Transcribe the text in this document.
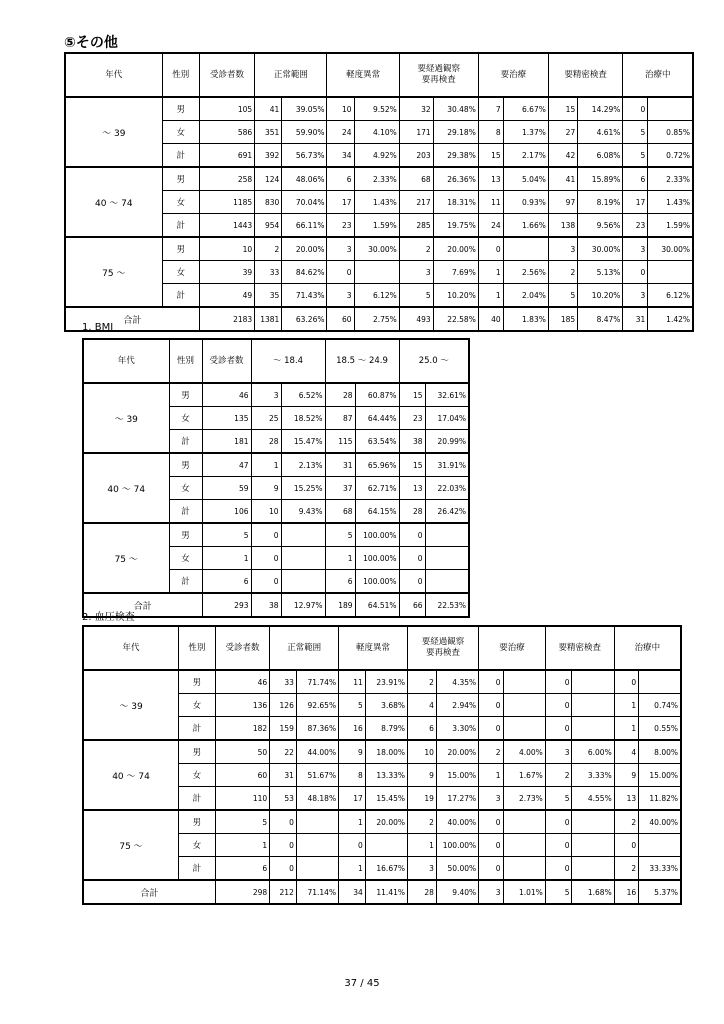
⑤その他
年代	性別	受診者数	正常範囲		軽度異常		要経過観察
要再検査		要治療		要精密検査		治療中	
～ 39	男	105	41	39.05%	10	9.52%	32	30.48%	7	6.67%	15	14.29%	0	
	女	586	351	59.90%	24	4.10%	171	29.18%	8	1.37%	27	4.61%	5	0.85%
	計	691	392	56.73%	34	4.92%	203	29.38%	15	2.17%	42	6.08%	5	0.72%
40 ～ 74	男	258	124	48.06%	6	2.33%	68	26.36%	13	5.04%	41	15.89%	6	2.33%
	女	1185	830	70.04%	17	1.43%	217	18.31%	11	0.93%	97	8.19%	17	1.43%
	計	1443	954	66.11%	23	1.59%	285	19.75%	24	1.66%	138	9.56%	23	1.59%
75 ～	男	10	2	20.00%	3	30.00%	2	20.00%	0		3	30.00%	3	30.00%
	女	39	33	84.62%	0		3	7.69%	1	2.56%	2	5.13%	0	
	計	49	35	71.43%	3	6.12%	5	10.20%	1	2.04%	5	10.20%	3	6.12%
合計		2183	1381	63.26%	60	2.75%	493	22.58%	40	1.83%	185	8.47%	31	1.42%
1. BMI
年代	性別	受診者数	～ 18.4		18.5 ～ 24.9		25.0 ～	
～ 39	男	46	3	6.52%	28	60.87%	15	32.61%
	女	135	25	18.52%	87	64.44%	23	17.04%
	計	181	28	15.47%	115	63.54%	38	20.99%
40 ～ 74	男	47	1	2.13%	31	65.96%	15	31.91%
	女	59	9	15.25%	37	62.71%	13	22.03%
	計	106	10	9.43%	68	64.15%	28	26.42%
75 ～	男	5	0		5	100.00%	0	
	女	1	0		1	100.00%	0	
	計	6	0		6	100.00%	0	
合計		293	38	12.97%	189	64.51%	66	22.53%
2. 血圧検査
年代	性別	受診者数	正常範囲		軽度異常		要経過観察
要再検査		要治療		要精密検査		治療中	
～ 39	男	46	33	71.74%	11	23.91%	2	4.35%	0		0		0	
	女	136	126	92.65%	5	3.68%	4	2.94%	0		0		1	0.74%
	計	182	159	87.36%	16	8.79%	6	3.30%	0		0		1	0.55%
40 ～ 74	男	50	22	44.00%	9	18.00%	10	20.00%	2	4.00%	3	6.00%	4	8.00%
	女	60	31	51.67%	8	13.33%	9	15.00%	1	1.67%	2	3.33%	9	15.00%
	計	110	53	48.18%	17	15.45%	19	17.27%	3	2.73%	5	4.55%	13	11.82%
75 ～	男	5	0		1	20.00%	2	40.00%	0		0		2	40.00%
	女	1	0		0		1	100.00%	0		0		0	
	計	6	0		1	16.67%	3	50.00%	0		0		2	33.33%
合計		298	212	71.14%	34	11.41%	28	9.40%	3	1.01%	5	1.68%	16	5.37%
37 / 45
